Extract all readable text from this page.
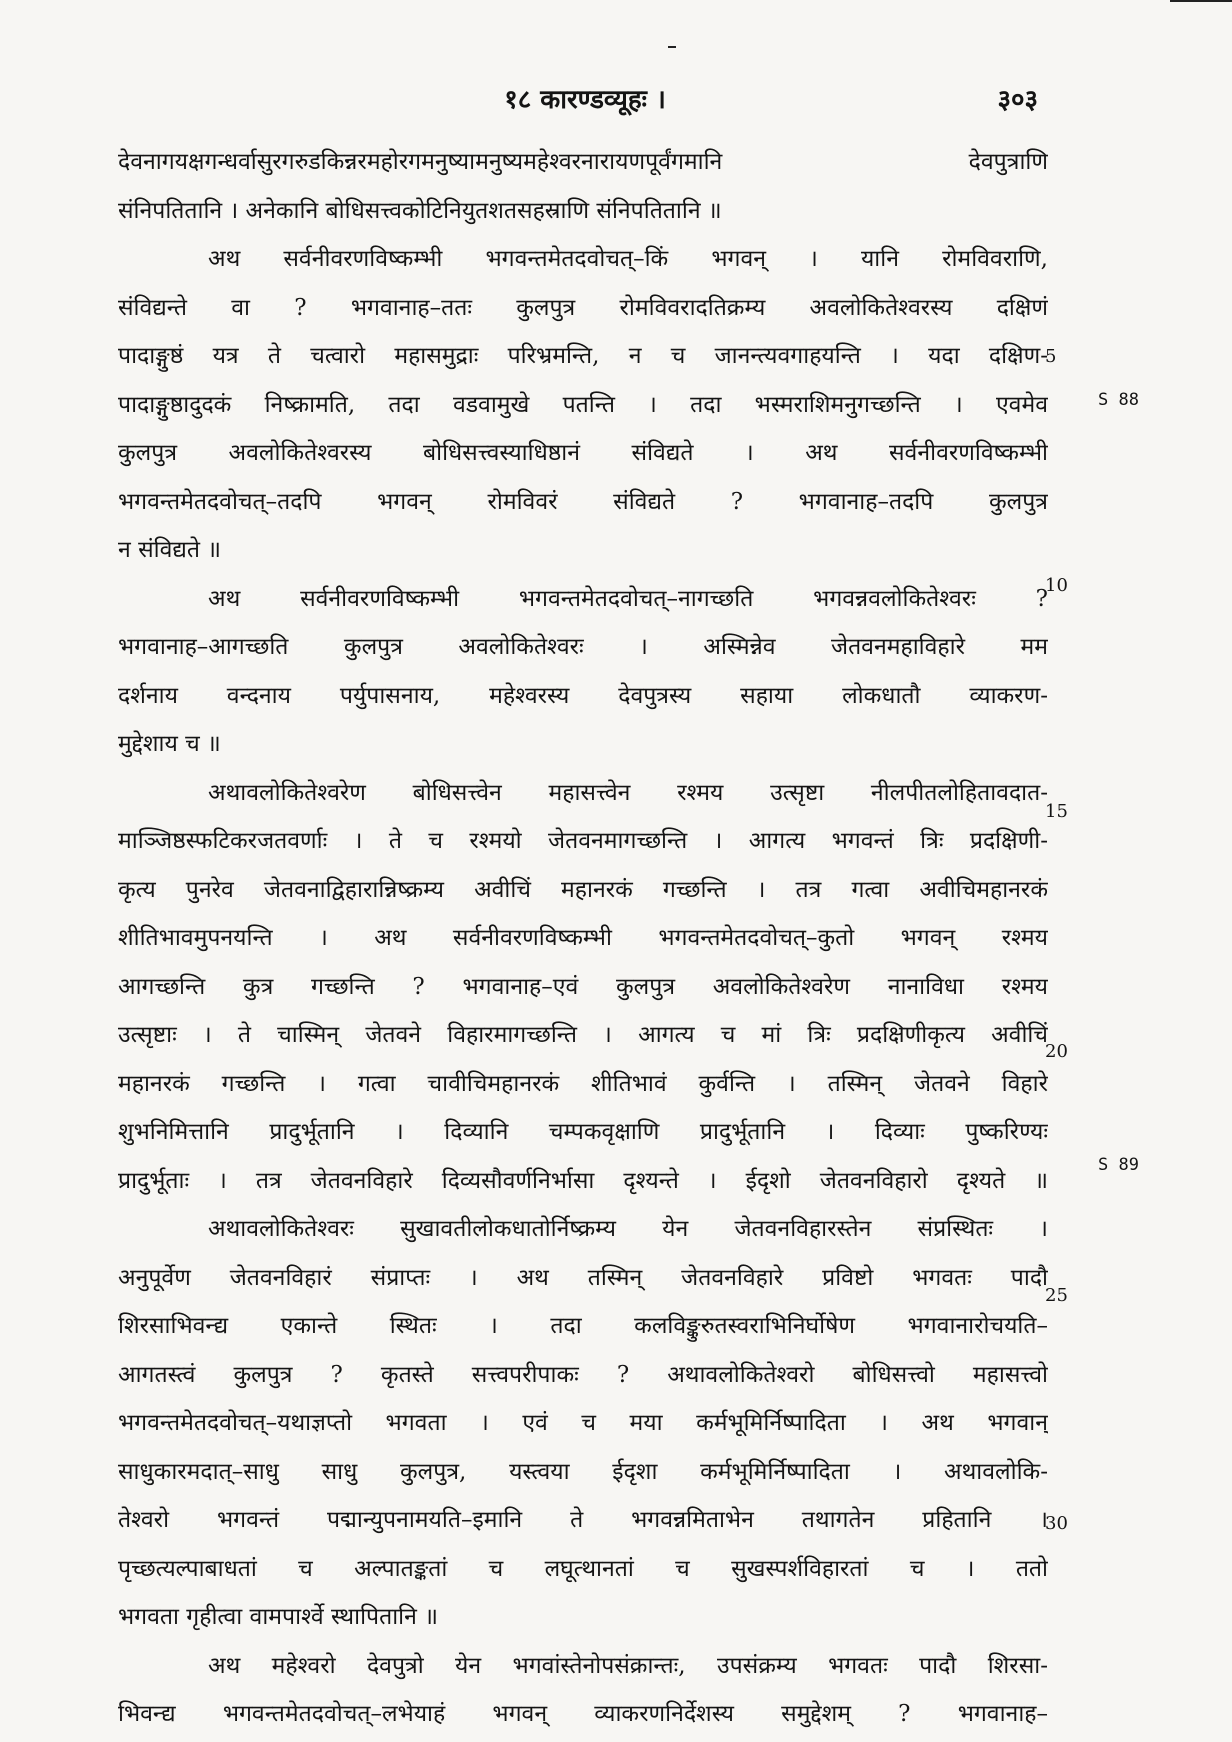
१८ कारण्डव्यूहः ।	३०३
देवनागयक्षगन्धर्वासुरगरुडकिन्नरमहोरगमनुष्यामनुष्यमहेश्वरनारायणपूर्वंगमानि देवपुत्राणि
संनिपतितानि । अनेकानि बोधिसत्त्वकोटिनियुतशतसहस्राणि संनिपतितानि ॥
अथ सर्वनीवरणविष्कम्भी भगवन्तमेतदवोचत्–किं भगवन् । यानि रोमविवराणि,
संविद्यन्ते वा ? भगवानाह–ततः कुलपुत्र रोमविवरादतिक्रम्य अवलोकितेश्वरस्य दक्षिणं
पादाङ्गुष्ठं यत्र ते चत्वारो महासमुद्राः परिभ्रमन्ति, न च जानन्त्यवगाहयन्ति । यदा दक्षिण-
पादाङ्गुष्ठादुदकं निष्क्रामति, तदा वडवामुखे पतन्ति । तदा भस्मराशिमनुगच्छन्ति । एवमेव
कुलपुत्र अवलोकितेश्वरस्य बोधिसत्त्वस्याधिष्ठानं संविद्यते । अथ सर्वनीवरणविष्कम्भी
भगवन्तमेतदवोचत्–तदपि भगवन् रोमविवरं संविद्यते ? भगवानाह–तदपि कुलपुत्र
न संविद्यते ॥
अथ सर्वनीवरणविष्कम्भी भगवन्तमेतदवोचत्–नागच्छति भगवन्नवलोकितेश्वरः ?
भगवानाह–आगच्छति कुलपुत्र अवलोकितेश्वरः । अस्मिन्नेव जेतवनमहाविहारे मम
दर्शनाय वन्दनाय पर्युपासनाय, महेश्वरस्य देवपुत्रस्य सहाया लोकधातौ व्याकरण-
मुद्देशाय च ॥
अथावलोकितेश्वरेण बोधिसत्त्वेन महासत्त्वेन रश्मय उत्सृष्टा नीलपीतलोहितावदात-
माञ्जिष्ठस्फटिकरजतवर्णाः । ते च रश्मयो जेतवनमागच्छन्ति । आगत्य भगवन्तं त्रिः प्रदक्षिणी-
कृत्य पुनरेव जेतवनाद्विहारान्निष्क्रम्य अवीचिं महानरकं गच्छन्ति । तत्र गत्वा अवीचिमहानरकं
शीतिभावमुपनयन्ति । अथ सर्वनीवरणविष्कम्भी भगवन्तमेतदवोचत्–कुतो भगवन् रश्मय
आगच्छन्ति कुत्र गच्छन्ति ? भगवानाह–एवं कुलपुत्र अवलोकितेश्वरेण नानाविधा रश्मय
उत्सृष्टाः । ते चास्मिन् जेतवने विहारमागच्छन्ति । आगत्य च मां त्रिः प्रदक्षिणीकृत्य अवीचिं
महानरकं गच्छन्ति । गत्वा चावीचिमहानरकं शीतिभावं कुर्वन्ति । तस्मिन् जेतवने विहारे
शुभनिमित्तानि प्रादुर्भूतानि । दिव्यानि चम्पकवृक्षाणि प्रादुर्भूतानि । दिव्याः पुष्करिण्यः
प्रादुर्भूताः । तत्र जेतवनविहारे दिव्यसौवर्णनिर्भासा दृश्यन्ते । ईदृशो जेतवनविहारो दृश्यते ॥
अथावलोकितेश्वरः सुखावतीलोकधातोर्निष्क्रम्य येन जेतवनविहारस्तेन संप्रस्थितः ।
अनुपूर्वेण जेतवनविहारं संप्राप्तः । अथ तस्मिन् जेतवनविहारे प्रविष्टो भगवतः पादौ
शिरसाभिवन्द्य एकान्ते स्थितः । तदा कलविङ्कुरुतस्वराभिनिर्घोषेण भगवानारोचयति–
आगतस्त्वं कुलपुत्र ? कृतस्ते सत्त्वपरीपाकः ? अथावलोकितेश्वरो बोधिसत्त्वो महासत्त्वो
भगवन्तमेतदवोचत्–यथाज्ञप्तो भगवता । एवं च मया कर्मभूमिर्निष्पादिता । अथ भगवान्
साधुकारमदात्–साधु साधु कुलपुत्र, यस्त्वया ईदृशा कर्मभूमिर्निष्पादिता । अथावलोकि-
तेश्वरो भगवन्तं पद्मान्युपनामयति–इमानि ते भगवन्नमिताभेन तथागतेन प्रहितानि ।
पृच्छत्यल्पाबाधतां च अल्पातङ्कतां च लघूत्थानतां च सुखस्पर्शविहारतां च । ततो
भगवता गृहीत्वा वामपार्श्वे स्थापितानि ॥
अथ महेश्वरो देवपुत्रो येन भगवांस्तेनोपसंक्रान्तः, उपसंक्रम्य भगवतः पादौ शिरसा-
भिवन्द्य भगवन्तमेतदवोचत्–लभेयाहं भगवन् व्याकरणनिर्देशस्य समुद्देशम् ? भगवानाह–
5
10
15
20
25
30
S 88
S 89
